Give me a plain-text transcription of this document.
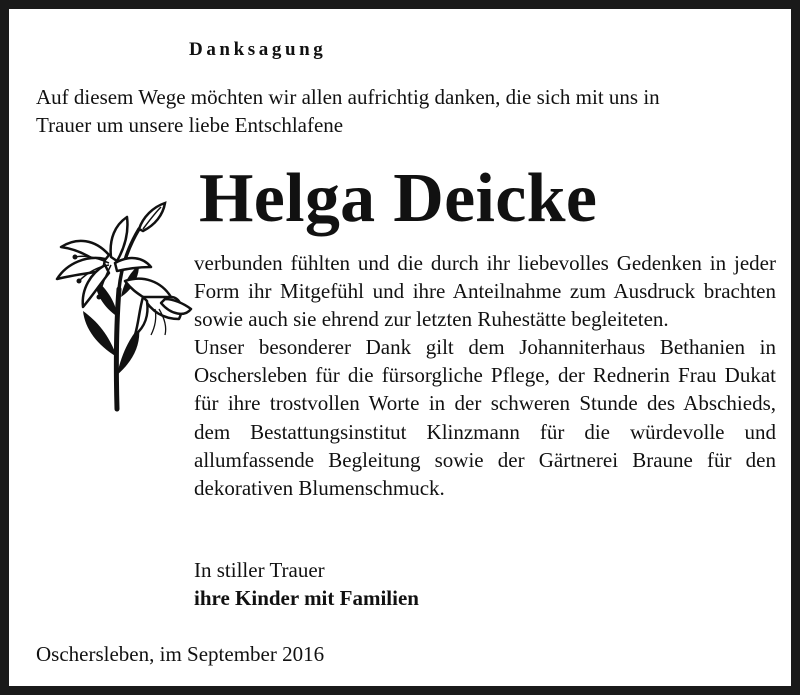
Danksagung
Auf diesem Wege möchten wir allen aufrichtig danken, die sich mit uns in
Trauer um unsere liebe Entschlafene
Helga Deicke

verbunden fühlten und die durch ihr liebevolles Gedenken in jeder Form ihr Mitgefühl und ihre Anteilnahme zum Ausdruck brachten sowie auch sie ehrend zur letzten Ruhestätte begleiteten.

Unser besonderer Dank gilt dem Johanniterhaus Bethanien in Oschersleben für die fürsorgliche Pflege, der Rednerin Frau Dukat für ihre trostvollen Worte in der schweren Stunde des Abschieds, dem Bestattungsinstitut Klinzmann für die würdevolle und allumfassende Begleitung sowie der Gärtnerei Braune für den dekorativen Blumenschmuck.

In stiller Trauer
ihre Kinder mit Familien
Oschersleben, im September 2016
